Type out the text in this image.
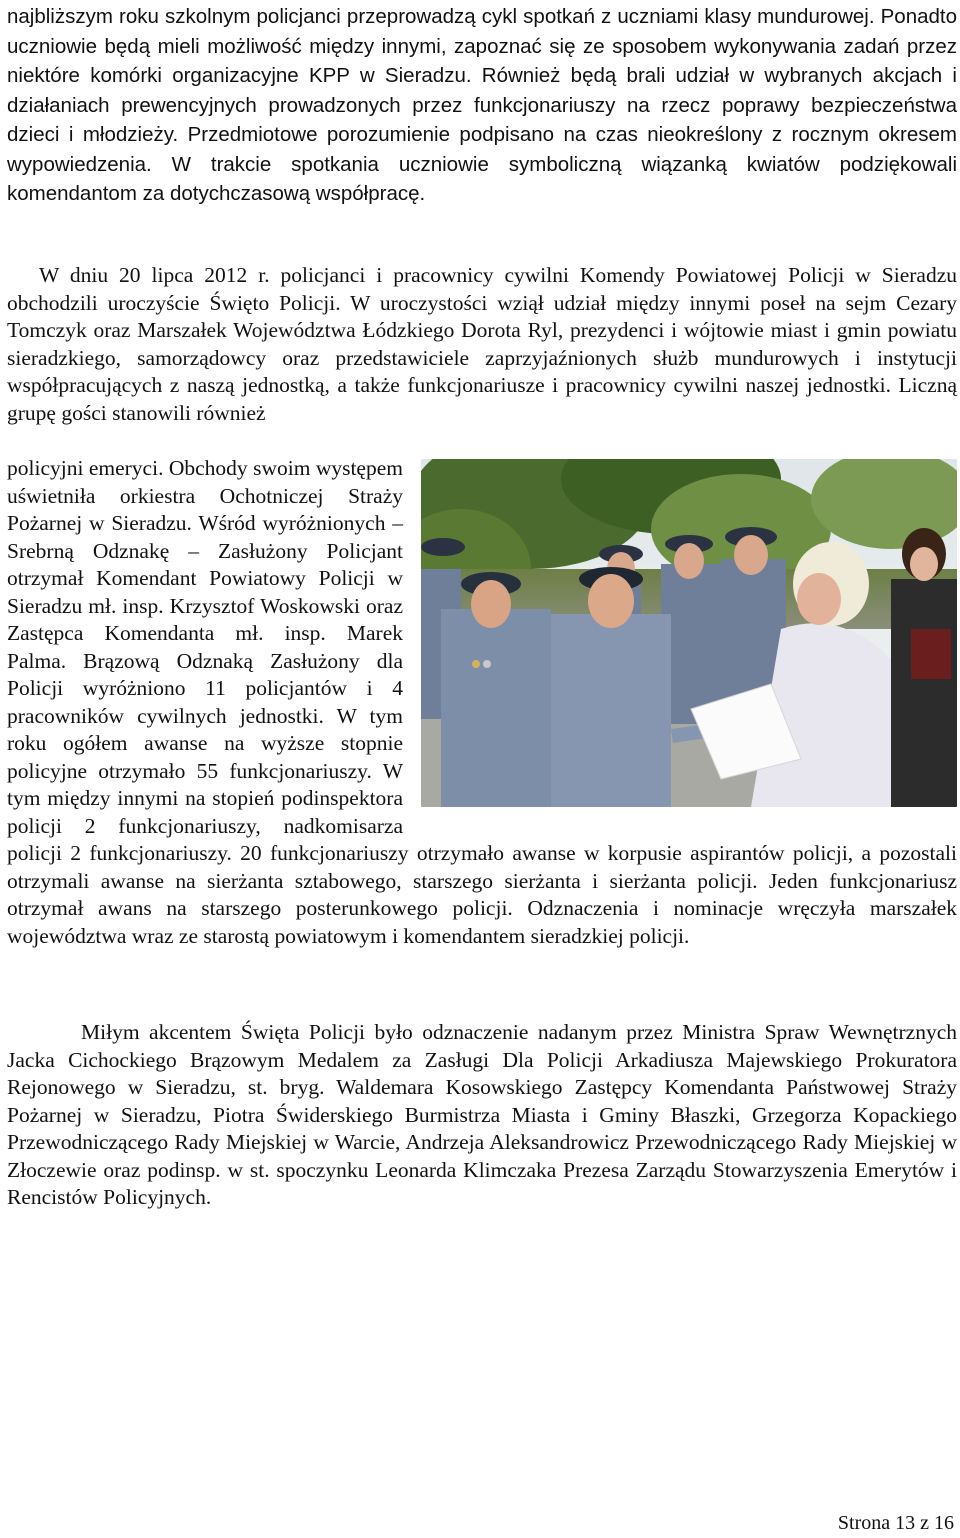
najbliższym roku szkolnym policjanci przeprowadzą cykl spotkań z uczniami klasy mundurowej. Ponadto uczniowie będą mieli możliwość między innymi, zapoznać się ze sposobem wykonywania zadań przez niektóre komórki organizacyjne KPP w Sieradzu. Również będą brali udział w wybranych akcjach i działaniach prewencyjnych prowadzonych przez funkcjonariuszy na rzecz poprawy bezpieczeństwa dzieci i młodzieży. Przedmiotowe porozumienie podpisano na czas nieokreślony z rocznym okresem wypowiedzenia. W trakcie spotkania uczniowie symboliczną wiązanką kwiatów podziękowali komendantom za dotychczasową współpracę.

W dniu 20 lipca 2012 r. policjanci i pracownicy cywilni Komendy Powiatowej Policji w Sieradzu obchodzili uroczyście Święto Policji. W uroczystości wziął udział między innymi poseł na sejm Cezary Tomczyk oraz Marszałek Województwa Łódzkiego Dorota Ryl, prezydenci i wójtowie miast i gmin powiatu sieradzkiego, samorządowcy oraz przedstawiciele zaprzyjaźnionych służb mundurowych i instytucji współpracujących z naszą jednostką, a także funkcjonariusze i pracownicy cywilni naszej jednostki. Liczną grupę gości stanowili również

policyjni emeryci. Obchody swoim występem uświetniła orkiestra Ochotniczej Straży Pożarnej w Sieradzu. Wśród wyróżnionych – Srebrną Odznakę – Zasłużony Policjant otrzymał Komendant Powiatowy Policji w Sieradzu mł. insp. Krzysztof Woskowski oraz Zastępca Komendanta mł. insp. Marek Palma. Brązową Odznaką Zasłużony dla Policji wyróżniono 11 policjantów i 4 pracowników cywilnych jednostki. W tym roku ogółem awanse na wyższe stopnie policyjne otrzymało 55 funkcjonariuszy. W tym między innymi na stopień podinspektora policji 2 funkcjonariuszy, nadkomisarza policji 2 funkcjonariuszy. 20 funkcjonariuszy otrzymało awanse w korpusie aspirantów policji, a pozostali otrzymali awanse na sierżanta sztabowego, starszego sierżanta i sierżanta policji. Jeden funkcjonariusz otrzymał awans na starszego posterunkowego policji. Odznaczenia i nominacje wręczyła marszałek województwa wraz ze starostą powiatowym i komendantem sieradzkiej policji.

Miłym akcentem Święta Policji było odznaczenie nadanym przez Ministra Spraw Wewnętrznych Jacka Cichockiego Brązowym Medalem za Zasługi Dla Policji Arkadiusza Majewskiego Prokuratora Rejonowego w Sieradzu, st. bryg. Waldemara Kosowskiego Zastępcy Komendanta Państwowej Straży Pożarnej w Sieradzu, Piotra Świderskiego Burmistrza Miasta i Gminy Błaszki, Grzegorza Kopackiego Przewodniczącego Rady Miejskiej w Warcie, Andrzeja Aleksandrowicz Przewodniczącego Rady Miejskiej w Złoczewie oraz podinsp. w st. spoczynku Leonarda Klimczaka Prezesa Zarządu Stowarzyszenia Emerytów i Rencistów Policyjnych.

Strona 13 z 16
